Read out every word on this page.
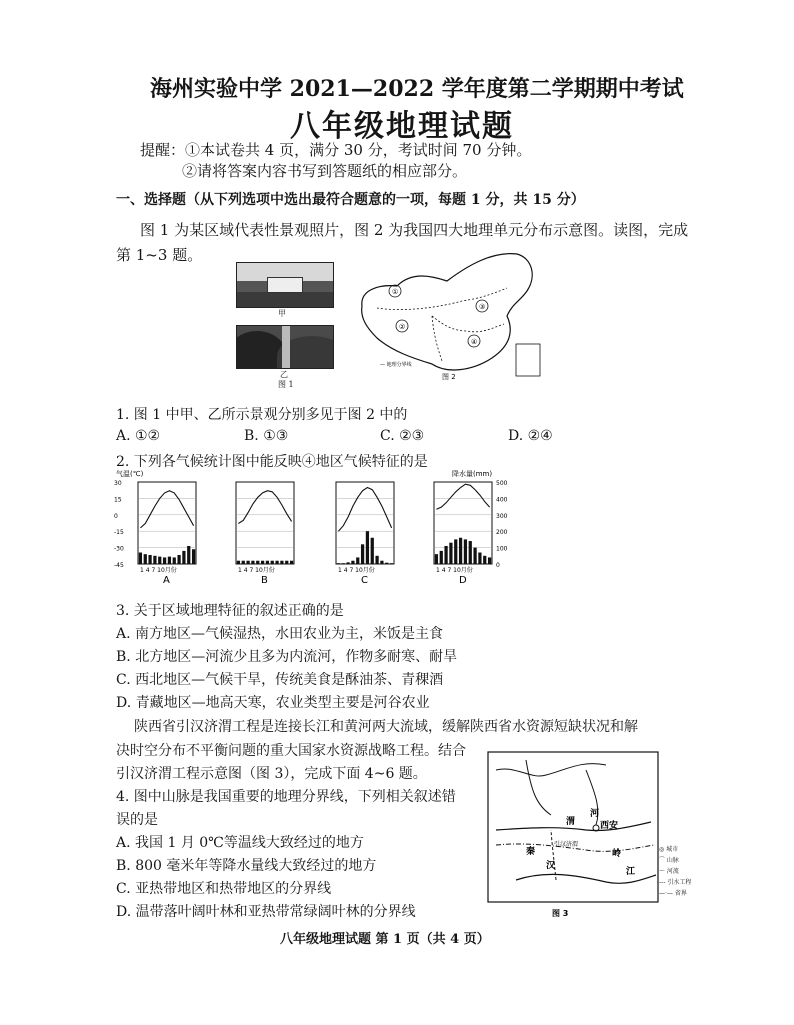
海州实验中学 2021—2022 学年度第二学期期中考试
八年级地理试题
提醒：①本试卷共 4 页，满分 30 分，考试时间 70 分钟。
②请将答案内容书写到答题纸的相应部分。
一、选择题（从下列选项中选出最符合题意的一项，每题 1 分，共 15 分）
图 1 为某区域代表性景观照片，图 2 为我国四大地理单元分布示意图。读图，完成
第 1~3 题。
甲
乙
图 1
①
②
③
④
— 地理分界线
图 2
1. 图 1 中甲、乙所示景观分别多见于图 2 中的
A. ①②	B. ①③	C. ②③	D. ②④
2. 下列各气候统计图中能反映④地区气候特征的是
气温(℃)	降水量(mm)
30
15
0
-15
-30
-45
500
400
300
200
100
0
1 4 7 10月份
A
1 4 7 10月份
B
1 4 7 10月份
C
1 4 7 10月份
D
3. 关于区域地理特征的叙述正确的是
A. 南方地区—气候湿热，水田农业为主，米饭是主食
B. 北方地区—河流少且多为内流河，作物多耐寒、耐旱
C. 西北地区—气候干旱，传统美食是酥油茶、青稞酒
D. 青藏地区—地高天寒，农业类型主要是河谷农业
陕西省引汉济渭工程是连接长江和黄河两大流域，缓解陕西省水资源短缺状况和解
决时空分布不平衡问题的重大国家水资源战略工程。结合
引汉济渭工程示意图（图 3），完成下面 4~6 题。
4. 图中山脉是我国重要的地理分界线，下列相关叙述错
误的是
A. 我国 1 月 0℃等温线大致经过的地方
B. 800 毫米年等降水量线大致经过的地方
C. 亚热带地区和热带地区的分界线
D. 温带落叶阔叶林和亚热带常绿阔叶林的分界线
渭
河
西安
秦	岭
汉
江
引汉济渭
图 3
◎ 城市
⌒ 山脉
～ 河流
--- 引水工程
—·— 省界
八年级地理试题 第 1 页（共 4 页）
